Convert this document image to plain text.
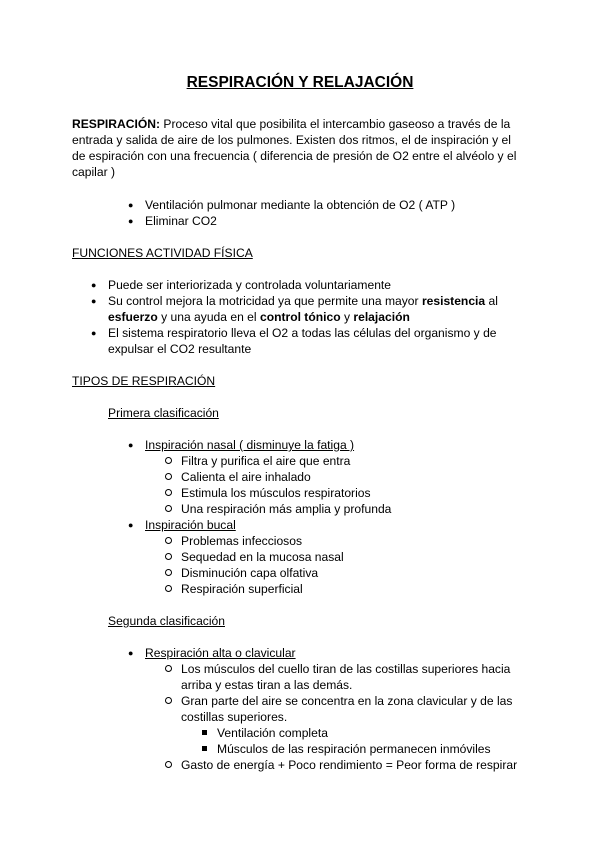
RESPIRACIÓN Y RELAJACIÓN
RESPIRACIÓN: Proceso vital que posibilita el intercambio gaseoso a través de la
entrada y salida de aire de los pulmones. Existen dos ritmos, el de inspiración y el
de espiración con una frecuencia ( diferencia de presión de O2 entre el alvéolo y el
capilar )
● Ventilación pulmonar mediante la obtención de O2 ( ATP )
● Eliminar CO2
FUNCIONES ACTIVIDAD FÍSICA
● Puede ser interiorizada y controlada voluntariamente
● Su control mejora la motricidad ya que permite una mayor resistencia al
esfuerzo y una ayuda en el control tónico y relajación
● El sistema respiratorio lleva el O2 a todas las células del organismo y de
expulsar el CO2 resultante
TIPOS DE RESPIRACIÓN
Primera clasificación
● Inspiración nasal ( disminuye la fatiga )
Filtra y purifica el aire que entra
Calienta el aire inhalado
Estimula los músculos respiratorios
Una respiración más amplia y profunda
● Inspiración bucal
Problemas infecciosos
Sequedad en la mucosa nasal
Disminución capa olfativa
Respiración superficial
Segunda clasificación
● Respiración alta o clavicular
Los músculos del cuello tiran de las costillas superiores hacia
arriba y estas tiran a las demás.
Gran parte del aire se concentra en la zona clavicular y de las
costillas superiores.
Ventilación completa
Músculos de las respiración permanecen inmóviles
Gasto de energía + Poco rendimiento = Peor forma de respirar
